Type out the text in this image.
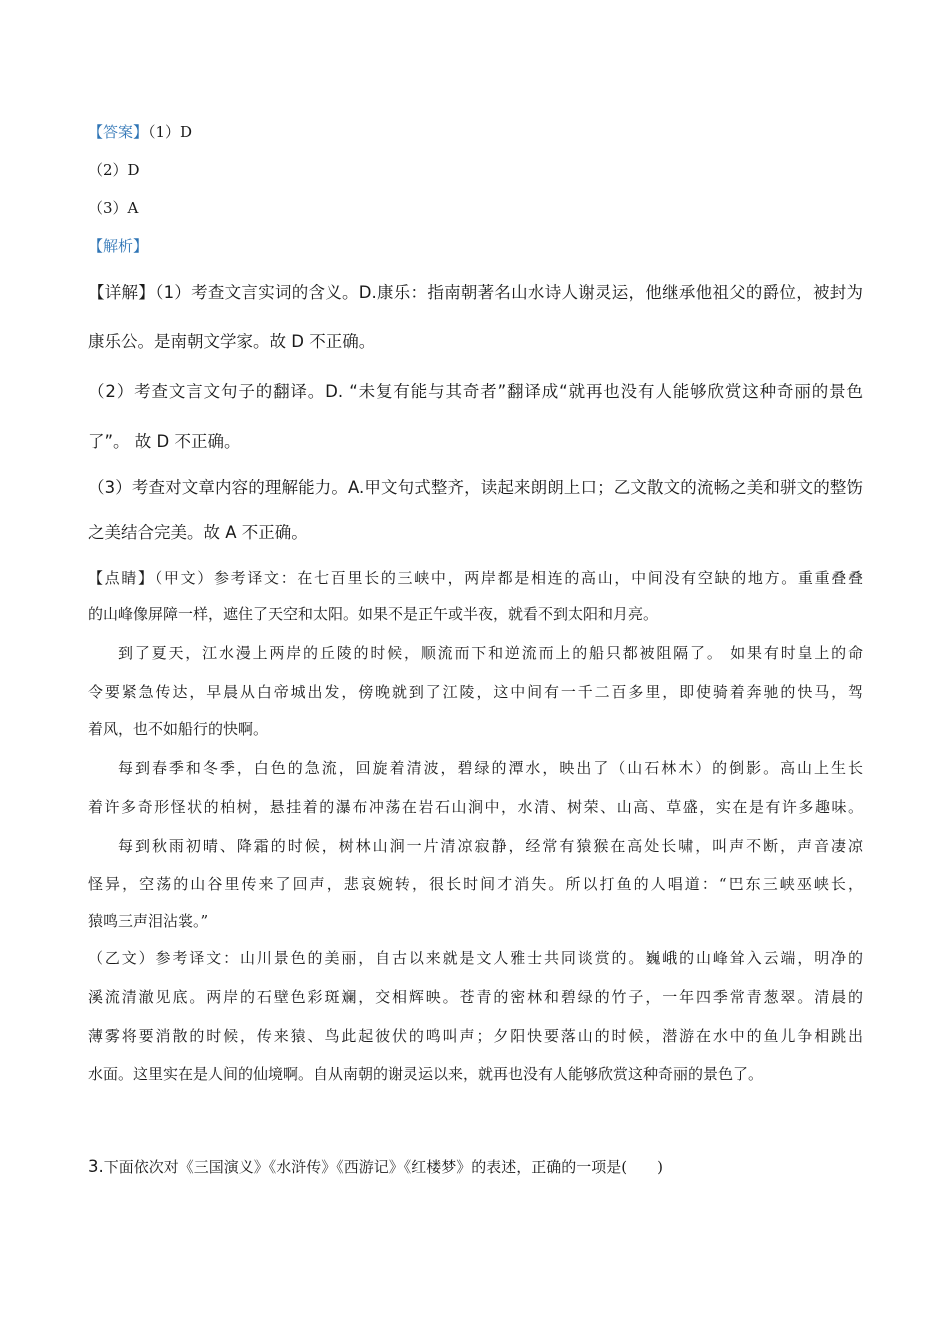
【答案】（1）D
（2）D
（3）A
【解析】
【详解】（1）考查文言实词的含义。D.康乐：指南朝著名山水诗人谢灵运，他继承他祖父的爵位，被封为
康乐公。是南朝文学家。故 D 不正确。
（2）考查文言文句子的翻译。D. “未复有能与其奇者”翻译成“就再也没有人能够欣赏这种奇丽的景色
了”。 故 D 不正确。
（3）考查对文章内容的理解能力。A.甲文句式整齐，读起来朗朗上口；乙文散文的流畅之美和骈文的整饬
之美结合完美。故 A 不正确。
【点睛】（甲文）参考译文：在七百里长的三峡中，两岸都是相连的高山，中间没有空缺的地方。重重叠叠
的山峰像屏障一样，遮住了天空和太阳。如果不是正午或半夜，就看不到太阳和月亮。
到了夏天，江水漫上两岸的丘陵的时候，顺流而下和逆流而上的船只都被阻隔了。 如果有时皇上的命
令要紧急传达，早晨从白帝城出发，傍晚就到了江陵，这中间有一千二百多里，即使骑着奔驰的快马，驾
着风，也不如船行的快啊。
每到春季和冬季，白色的急流，回旋着清波，碧绿的潭水，映出了（山石林木）的倒影。高山上生长
着许多奇形怪状的柏树，悬挂着的瀑布冲荡在岩石山涧中，水清、树荣、山高、草盛，实在是有许多趣味。
每到秋雨初晴、降霜的时候，树林山涧一片清凉寂静，经常有猿猴在高处长啸，叫声不断，声音凄凉
怪异，空荡的山谷里传来了回声，悲哀婉转，很长时间才消失。所以打鱼的人唱道：“巴东三峡巫峡长，
猿鸣三声泪沾裳。”
（乙文）参考译文：山川景色的美丽，自古以来就是文人雅士共同谈赏的。巍峨的山峰耸入云端，明净的
溪流清澈见底。两岸的石壁色彩斑斓，交相辉映。苍青的密林和碧绿的竹子，一年四季常青葱翠。清晨的
薄雾将要消散的时候，传来猿、鸟此起彼伏的鸣叫声；夕阳快要落山的时候，潜游在水中的鱼儿争相跳出
水面。这里实在是人间的仙境啊。自从南朝的谢灵运以来，就再也没有人能够欣赏这种奇丽的景色了。
3.下面依次对《三国演义》《水浒传》《西游记》《红楼梦》的表述，正确的一项是(　　)
